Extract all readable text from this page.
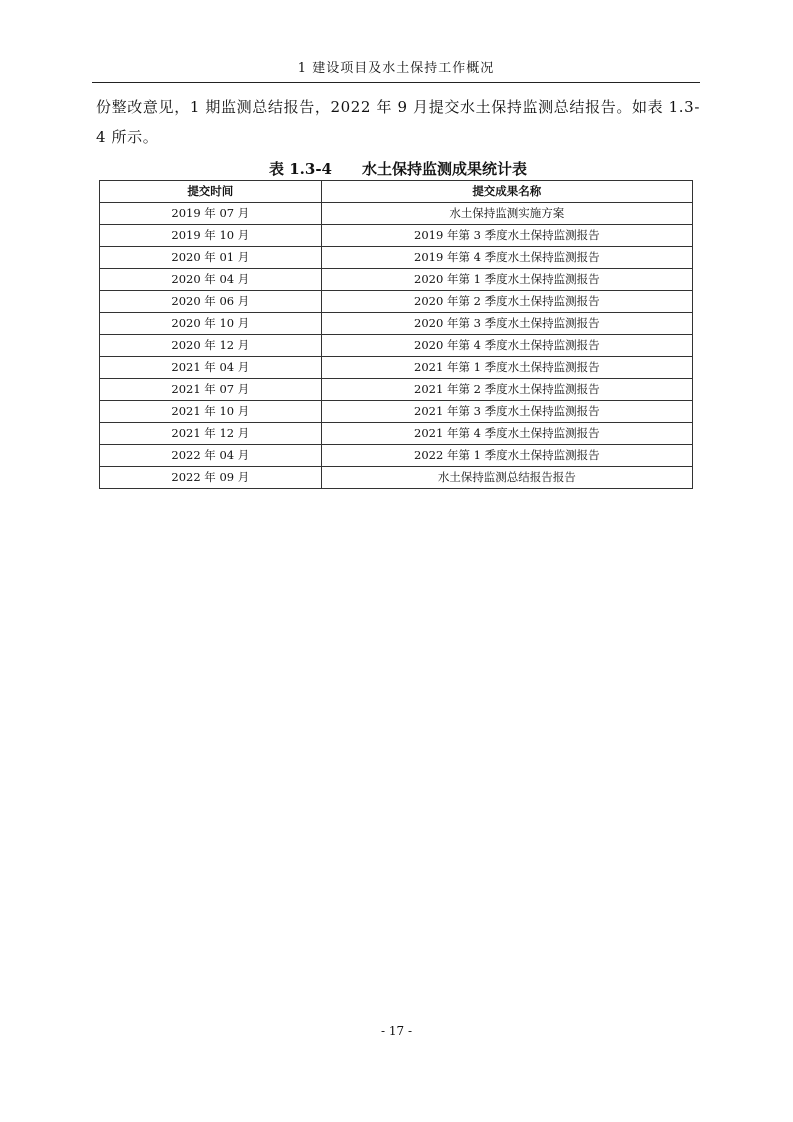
1 建设项目及水土保持工作概况
份整改意见，1 期监测总结报告，2022 年 9 月提交水土保持监测总结报告。如表 1.3-4 所示。
表 1.3-4 水土保持监测成果统计表
提交时间	提交成果名称
2019 年 07 月	水土保持监测实施方案
2019 年 10 月	2019 年第 3 季度水土保持监测报告
2020 年 01 月	2019 年第 4 季度水土保持监测报告
2020 年 04 月	2020 年第 1 季度水土保持监测报告
2020 年 06 月	2020 年第 2 季度水土保持监测报告
2020 年 10 月	2020 年第 3 季度水土保持监测报告
2020 年 12 月	2020 年第 4 季度水土保持监测报告
2021 年 04 月	2021 年第 1 季度水土保持监测报告
2021 年 07 月	2021 年第 2 季度水土保持监测报告
2021 年 10 月	2021 年第 3 季度水土保持监测报告
2021 年 12 月	2021 年第 4 季度水土保持监测报告
2022 年 04 月	2022 年第 1 季度水土保持监测报告
2022 年 09 月	水土保持监测总结报告报告
- 17 -
